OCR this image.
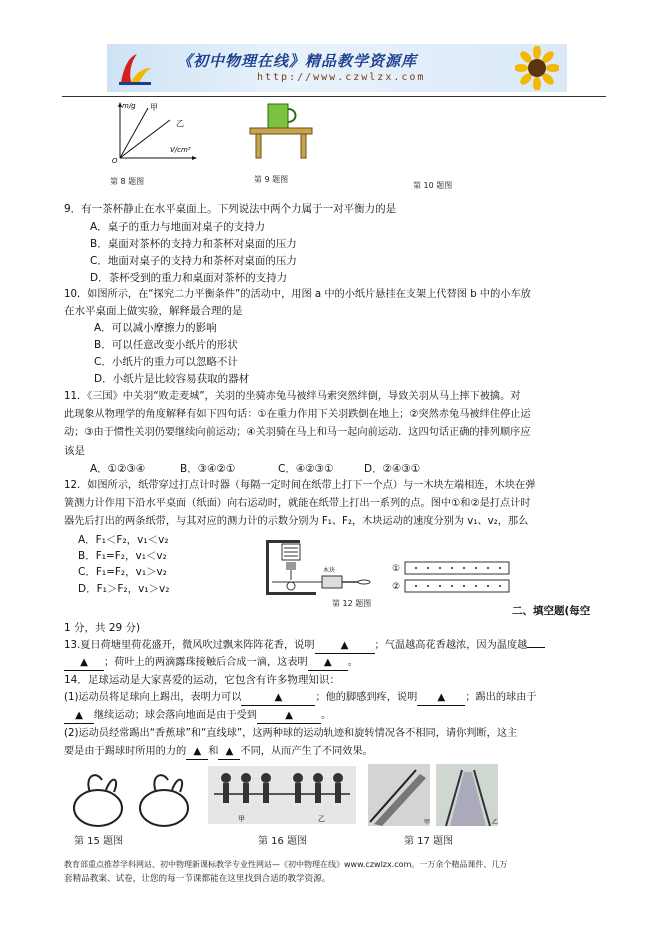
《初中物理在线》精品教学资源库
http://www.czwlzx.com
m/g 甲
乙
O
V/cm³
第 8 题图	第 9 题图
第 10 题图
9．有一茶杯静止在水平桌面上。下列说法中两个力属于一对平衡力的是
A．桌子的重力与地面对桌子的支持力
B．桌面对茶杯的支持力和茶杯对桌面的压力
C．地面对桌子的支持力和茶杯对桌面的压力
D．茶杯受到的重力和桌面对茶杯的支持力
10．如图所示，在“探究二力平衡条件”的活动中，用图 a 中的小纸片悬挂在支架上代替图 b 中的小车放
在水平桌面上做实验，解释最合理的是
A．可以减小摩擦力的影响
B．可以任意改变小纸片的形状
C．小纸片的重力可以忽略不计
D．小纸片是比较容易获取的器材
11．《三国》中关羽“败走麦城”，关羽的坐骑赤兔马被绊马索突然绊倒，导致关羽从马上摔下被擒。对
此现象从物理学的角度解释有如下四句话：①在重力作用下关羽跌倒在地上；②突然赤兔马被绊住停止运
动；③由于惯性关羽仍要继续向前运动；④关羽骑在马上和马一起向前运动．这四句话正确的排列顺序应
该是
A．①②③④	B．③④②①	C．④②③①	D．②④③①
12．如图所示，纸带穿过打点计时器（每隔一定时间在纸带上打下一个点）与一木块左端相连，木块在弹
簧测力计作用下沿水平桌面（纸面）向右运动时，就能在纸带上打出一系列的点。图中①和②是打点计时
器先后打出的两条纸带，与其对应的测力计的示数分别为 F₁、F₂，木块运动的速度分别为 v₁、v₂，那么
A．F₁＜F₂，v₁＜v₂
B．F₁=F₂，v₁＜v₂
C．F₁=F₂，v₁＞v₂
D．F₁＞F₂，v₁＞v₂
木块	①
②
第 12 题图
二、填空题(每空
1 分，共 29 分)
13.夏日荷塘里荷花盛开，微风吹过飘来阵阵花香，说明	▲	；气温越高花香越浓，因为温度越
▲ ；荷叶上的两滴露珠接触后合成一滴，这表明 ▲ 。
14．足球运动是大家喜爱的运动，它包含有许多物理知识：
(1)运动员将足球向上踢出，表明力可以	▲	；他的脚感到疼，说明 ▲ ；踢出的球由于
▲ 继续运动；球会落向地面是由于受到	▲	。
(2)运动员经常踢出“香蕉球”和“直线球”，这两种球的运动轨迹和旋转情况各不相同，请你判断，这主
要是由于踢球时所用的力的 ▲ 和 ▲ 不同，从而产生了不同效果。
第 15 题图
甲	乙
第 16 题图
甲	乙
第 17 题图
教育部重点推荐学科网站、初中物理新课标教学专业性网站—《初中物理在线》www.czwlzx.com。一万余个精品课件、几万
套精品教案、试卷，让您的每一节课都能在这里找到合适的教学资源。
